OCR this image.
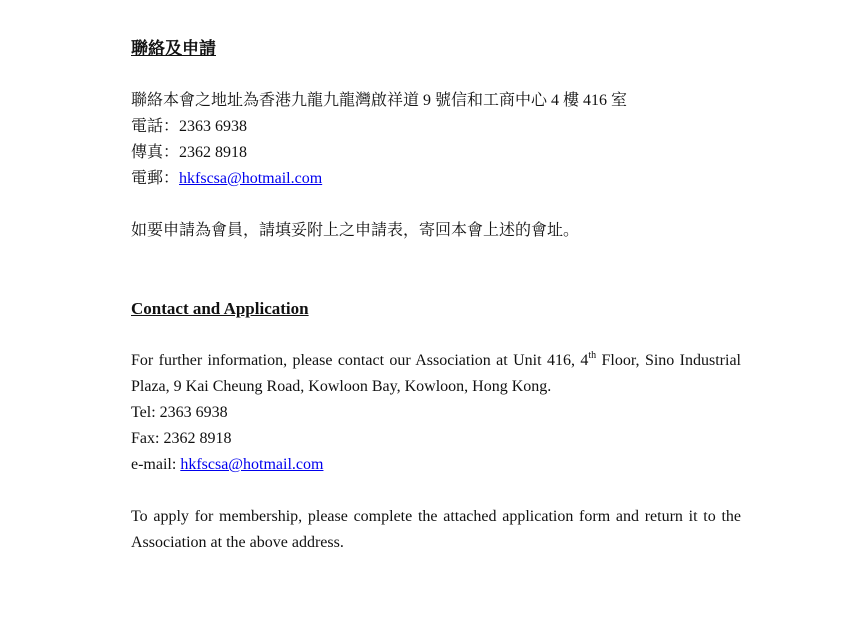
聯絡及申請
聯絡本會之地址為香港九龍九龍灣啟祥道 9 號信和工商中心 4 樓 416 室
電話：2363 6938
傳真：2362 8918
電郵：hkfscsa@hotmail.com
如要申請為會員，請填妥附上之申請表，寄回本會上述的會址。
Contact and Application
For further information, please contact our Association at Unit 416, 4th Floor, Sino Industrial Plaza, 9 Kai Cheung Road, Kowloon Bay, Kowloon, Hong Kong.
Tel: 2363 6938
Fax: 2362 8918
e-mail: hkfscsa@hotmail.com
To apply for membership, please complete the attached application form and return it to the Association at the above address.
